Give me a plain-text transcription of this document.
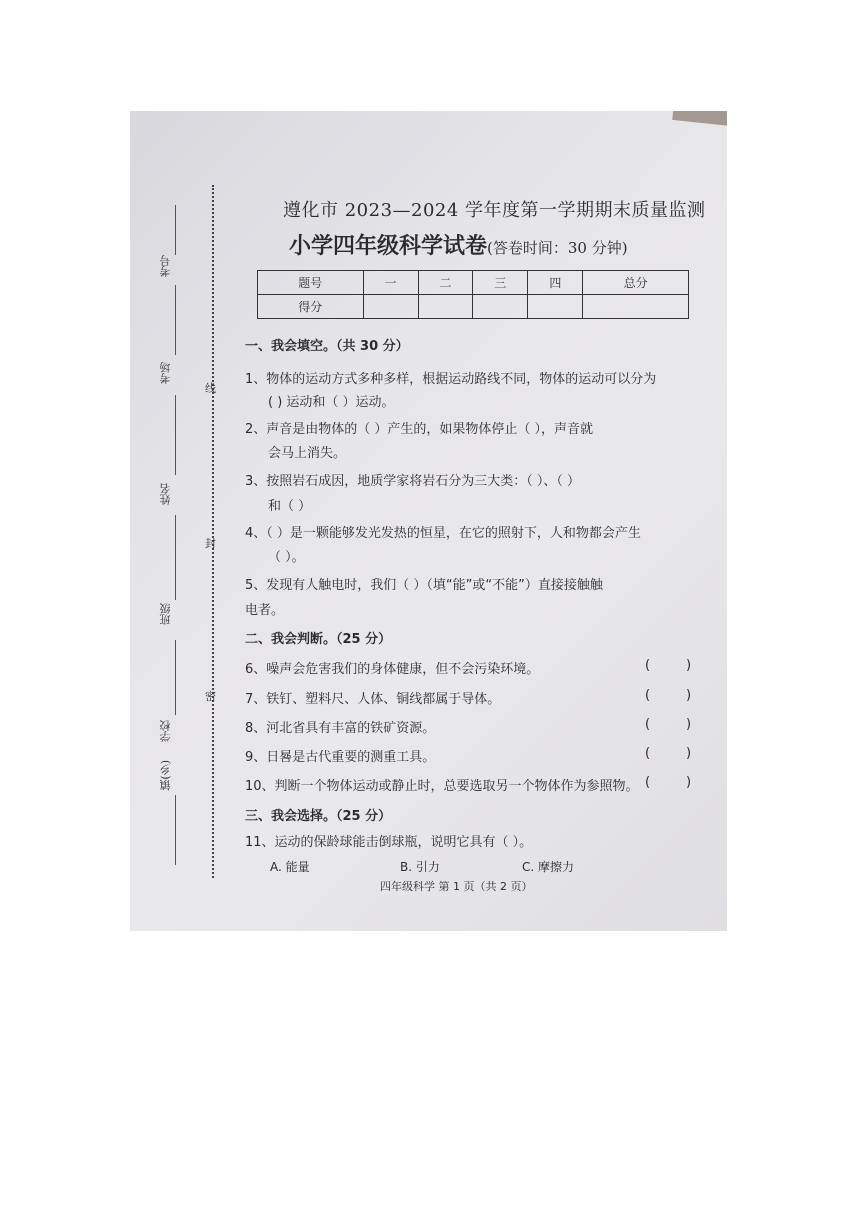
考号
考场
姓名
班级
学校
镇(乡)
线
封
密
遵化市 2023—2024 学年度第一学期期末质量监测
小学四年级科学试卷(答卷时间：30 分钟)
题号	一	二	三	四	总分
得分					
一、我会填空。（共 30 分）
1、物体的运动方式多种多样，根据运动路线不同，物体的运动可以分为
( ) 运动和（ ）运动。
2、声音是由物体的（ ）产生的，如果物体停止（ ），声音就
会马上消失。
3、按照岩石成因，地质学家将岩石分为三大类：（ ）、（ ）
和（ ）
4、（ ）是一颗能够发光发热的恒星，在它的照射下，人和物都会产生
（ ）。
5、发现有人触电时，我们（ ）（填“能”或“不能”）直接接触触
电者。
二、我会判断。（25 分）
6、噪声会危害我们的身体健康，但不会污染环境。	(	)
7、铁钉、塑料尺、人体、铜线都属于导体。	(	)
8、河北省具有丰富的铁矿资源。	(	)
9、日晷是古代重要的测重工具。	(	)
10、判断一个物体运动或静止时，总要选取另一个物体作为参照物。 (	)
三、我会选择。（25 分）
11、运动的保龄球能击倒球瓶，说明它具有（ ）。
A. 能量	B. 引力	C. 摩擦力
四年级科学 第 1 页（共 2 页）
